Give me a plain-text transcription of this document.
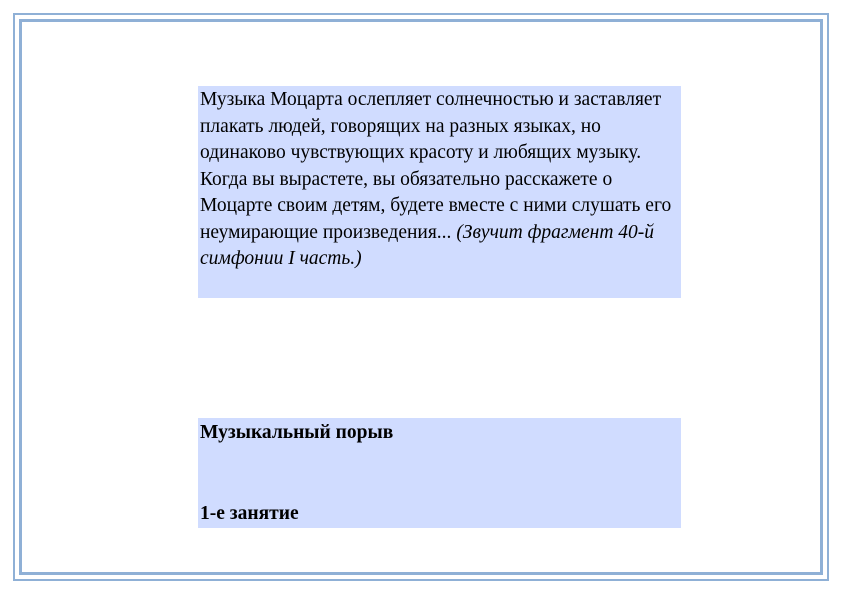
Музыка Моцарта ослепляет солнечностью и заставляет плакать людей, говорящих на разных языках, но одинаково чувствующих красоту и любящих музыку. Когда вы вырастете, вы обязательно расскажете о Моцарте своим детям, будете вместе с ними слушать его неумирающие произведения... (Звучит фрагмент 40-й симфонии I часть.)
Музыкальный порыв
1-е занятие
